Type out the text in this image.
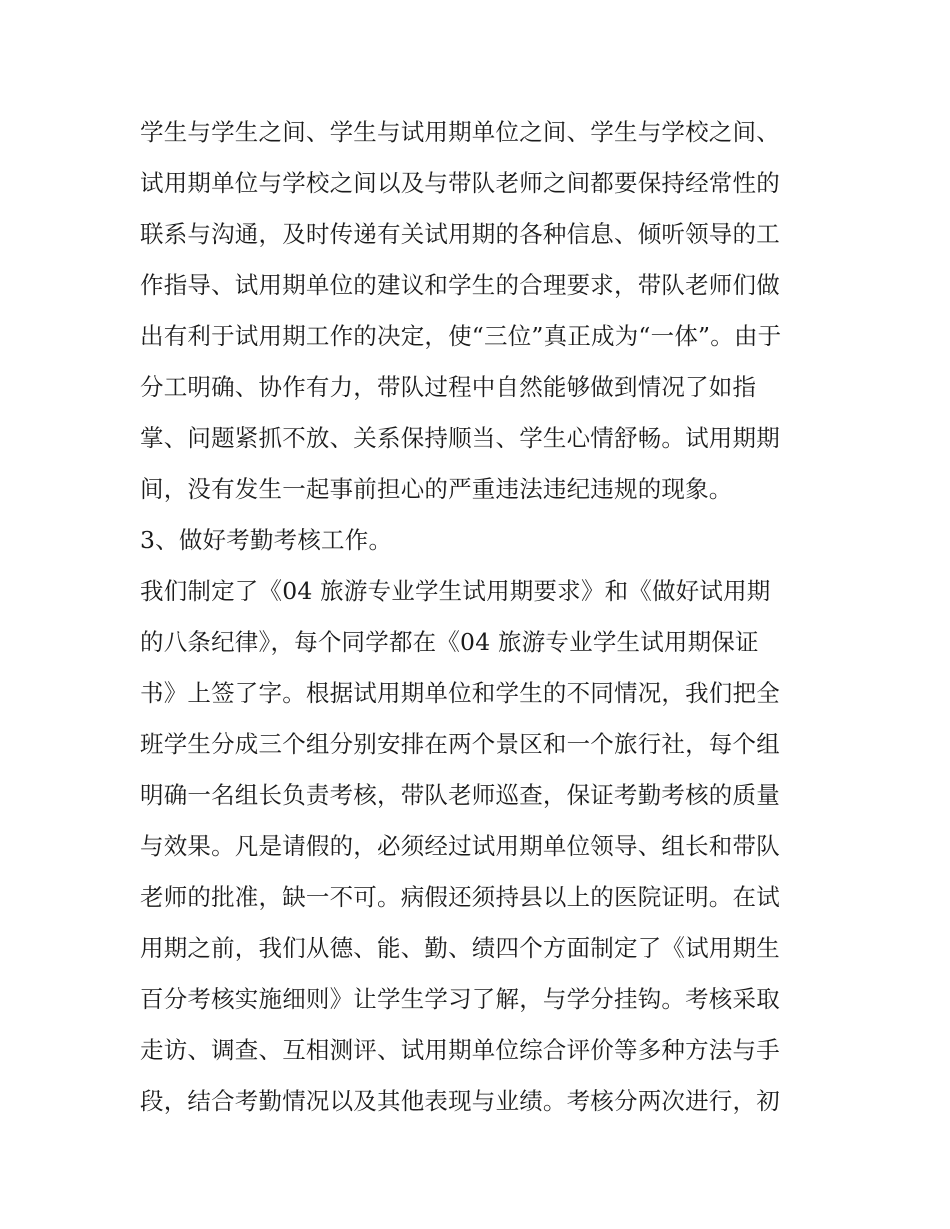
学生与学生之间、学生与试用期单位之间、学生与学校之间、
试用期单位与学校之间以及与带队老师之间都要保持经常性的
联系与沟通，及时传递有关试用期的各种信息、倾听领导的工
作指导、试用期单位的建议和学生的合理要求，带队老师们做
出有利于试用期工作的决定，使“三位”真正成为“一体”。由于
分工明确、协作有力，带队过程中自然能够做到情况了如指
掌、问题紧抓不放、关系保持顺当、学生心情舒畅。试用期期
间，没有发生一起事前担心的严重违法违纪违规的现象。
3、做好考勤考核工作。
我们制定了《04 旅游专业学生试用期要求》和《做好试用期
的八条纪律》，每个同学都在《04 旅游专业学生试用期保证
书》上签了字。根据试用期单位和学生的不同情况，我们把全
班学生分成三个组分别安排在两个景区和一个旅行社，每个组
明确一名组长负责考核，带队老师巡查，保证考勤考核的质量
与效果。凡是请假的，必须经过试用期单位领导、组长和带队
老师的批准，缺一不可。病假还须持县以上的医院证明。在试
用期之前，我们从德、能、勤、绩四个方面制定了《试用期生
百分考核实施细则》让学生学习了解，与学分挂钩。考核采取
走访、调查、互相测评、试用期单位综合评价等多种方法与手
段，结合考勤情况以及其他表现与业绩。考核分两次进行，初
